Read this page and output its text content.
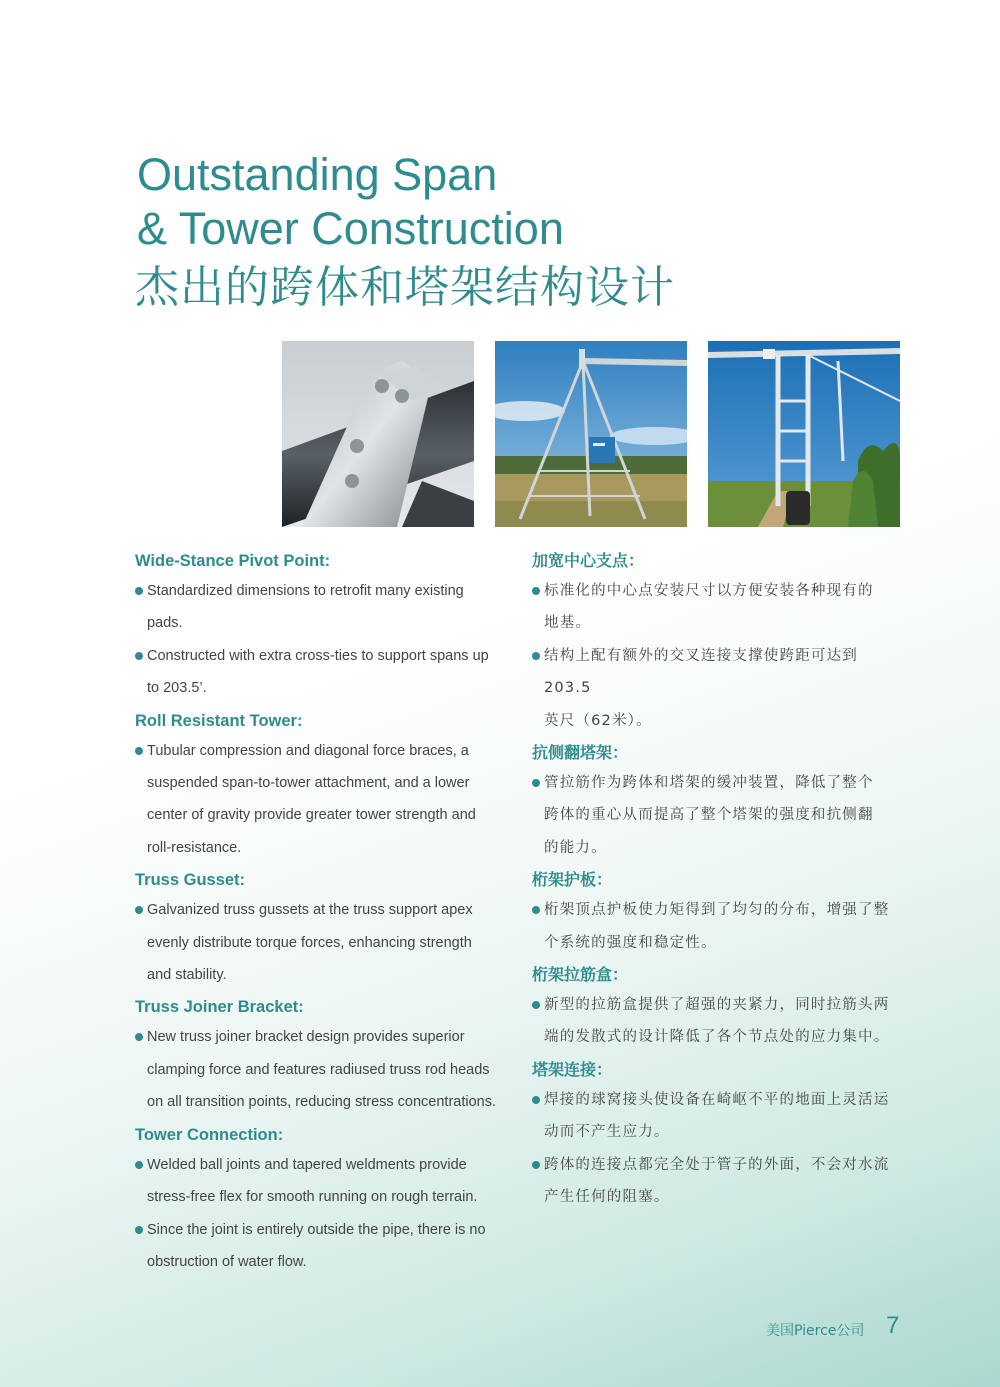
Outstanding Span
& Tower Construction
杰出的跨体和塔架结构设计
Wide-Stance Pivot Point:
Standardized dimensions to retrofit many existing
pads.
Constructed with extra cross-ties to support spans up
to 203.5’.
Roll Resistant Tower:
Tubular compression and diagonal force braces, a
suspended span-to-tower attachment, and a lower
center of gravity provide greater tower strength and
roll-resistance.
Truss Gusset:
Galvanized truss gussets at the truss support apex
evenly distribute torque forces, enhancing strength
and stability.
Truss Joiner Bracket:
New truss joiner bracket design provides superior
clamping force and features radiused truss rod heads
on all transition points, reducing stress concentrations.
Tower Connection:
Welded ball joints and tapered weldments provide
stress-free flex for smooth running on rough terrain.
Since the joint is entirely outside the pipe, there is no
obstruction of water flow.
加宽中心支点：
标准化的中心点安装尺寸以方便安装各种现有的
地基。
结构上配有额外的交叉连接支撑使跨距可达到203.5
英尺（62米）。
抗侧翻塔架：
管拉筋作为跨体和塔架的缓冲装置，降低了整个
跨体的重心从而提高了整个塔架的强度和抗侧翻
的能力。
桁架护板：
桁架顶点护板使力矩得到了均匀的分布，增强了整
个系统的强度和稳定性。
桁架拉筋盒：
新型的拉筋盒提供了超强的夹紧力，同时拉筋头两
端的发散式的设计降低了各个节点处的应力集中。
塔架连接：
焊接的球窝接头使设备在崎岖不平的地面上灵活运
动而不产生应力。
跨体的连接点都完全处于管子的外面，不会对水流
产生任何的阻塞。
美国Pierce公司 7
